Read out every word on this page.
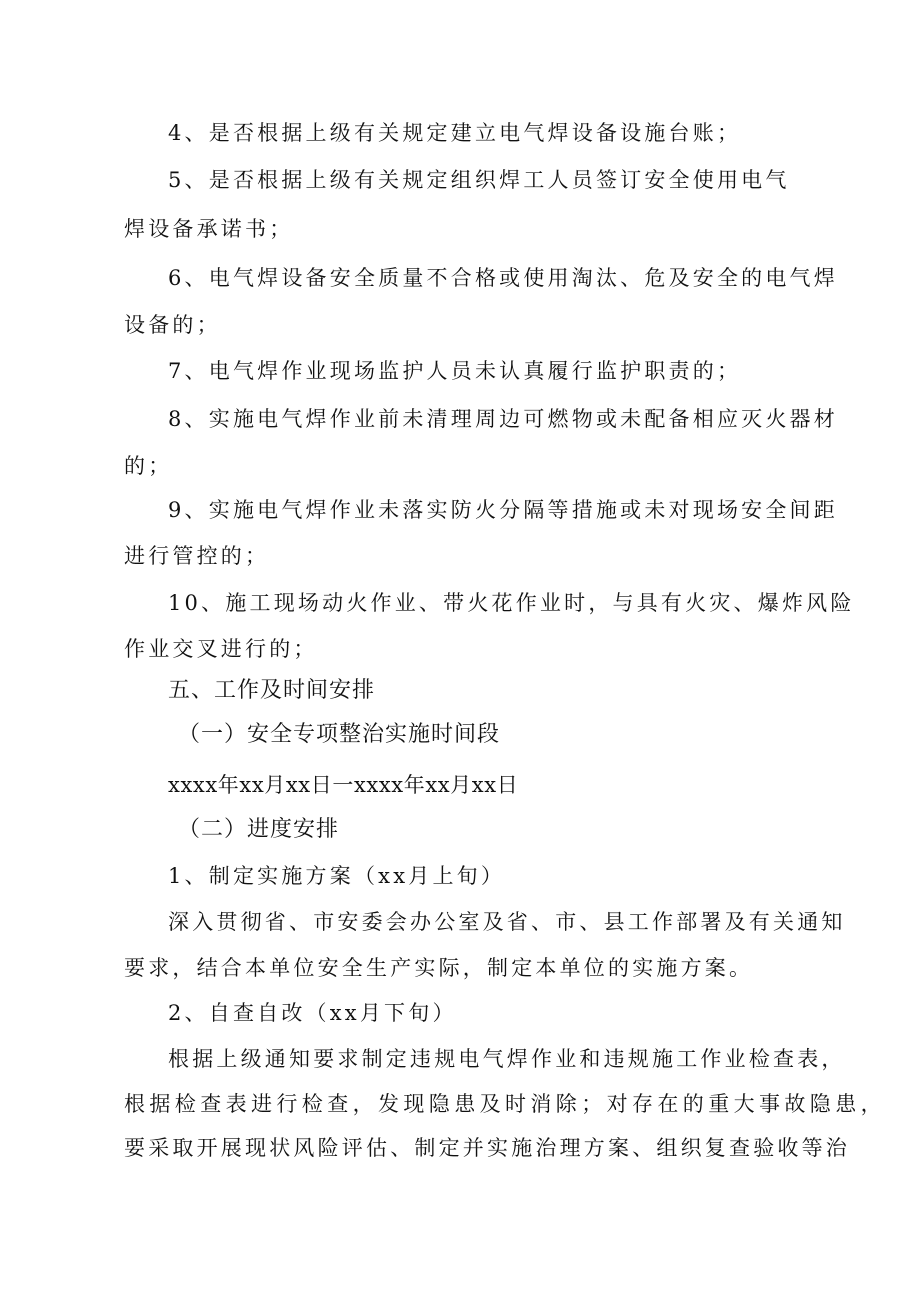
4、是否根据上级有关规定建立电气焊设备设施台账；
5、是否根据上级有关规定组织焊工人员签订安全使用电气
焊设备承诺书；
6、电气焊设备安全质量不合格或使用淘汰、危及安全的电气焊
设备的；
7、电气焊作业现场监护人员未认真履行监护职责的；
8、实施电气焊作业前未清理周边可燃物或未配备相应灭火器材
的；
9、实施电气焊作业未落实防火分隔等措施或未对现场安全间距
进行管控的；
10、施工现场动火作业、带火花作业时，与具有火灾、爆炸风险
作业交叉进行的；
五、工作及时间安排
（一）安全专项整治实施时间段
xxxx年xx月xx日一xxxx年xx月xx日
（二）进度安排
1、制定实施方案（xx月上旬）
深入贯彻省、市安委会办公室及省、市、县工作部署及有关通知
要求，结合本单位安全生产实际，制定本单位的实施方案。
2、自查自改（xx月下旬）
根据上级通知要求制定违规电气焊作业和违规施工作业检查表，
根据检查表进行检查，发现隐患及时消除；对存在的重大事故隐患，
要采取开展现状风险评估、制定并实施治理方案、组织复查验收等治
